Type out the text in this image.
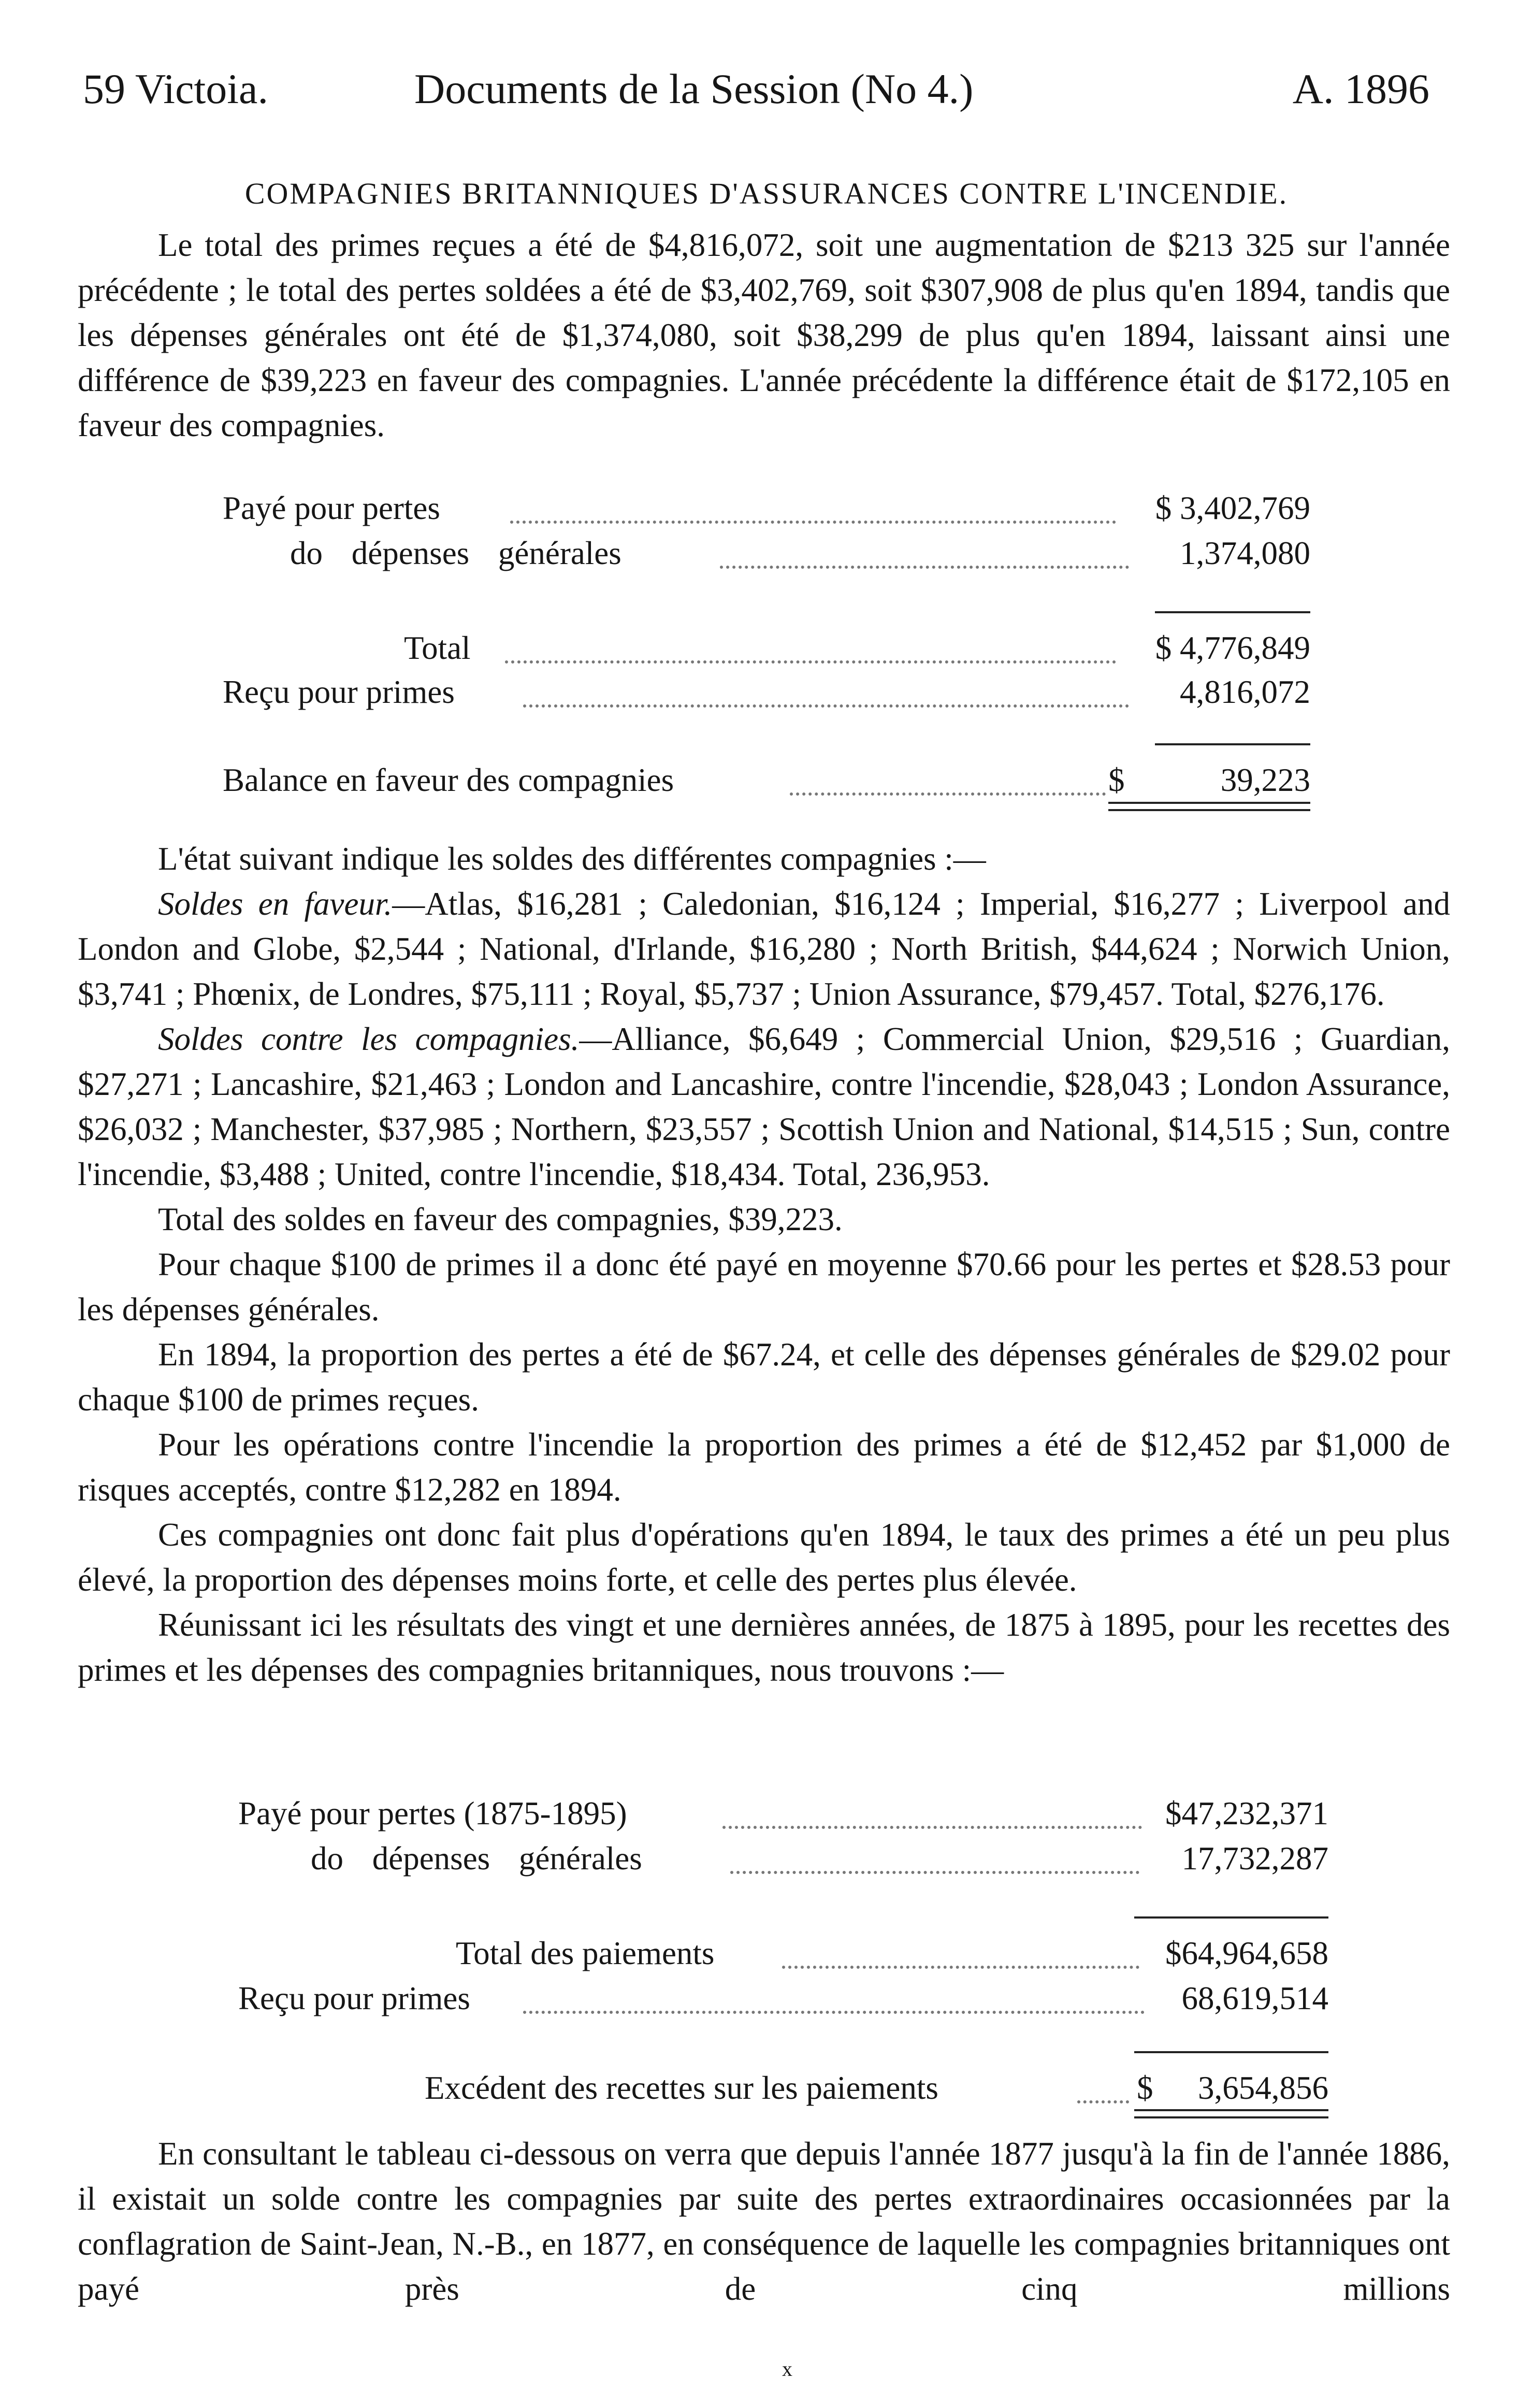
59 Victoia.	Documents de la Session (No 4.)	A. 1896
COMPAGNIES BRITANNIQUES D'ASSURANCES CONTRE L'INCENDIE.

Le total des primes reçues a été de $4,816,072, soit une augmentation de $213 325 sur l'année précédente ; le total des pertes soldées a été de $3,402,769, soit $307,908 de plus qu'en 1894, tandis que les dépenses générales ont été de $1,374,080, soit $38,299 de plus qu'en 1894, laissant ainsi une différence de $39,223 en faveur des compagnies. L'année précédente la différence était de $172,105 en faveur des compagnies.

Payé pour pertes	$ 3,402,769
do dépenses générales	1,374,080
Total	$ 4,776,849
Reçu pour primes	4,816,072
Balance en faveur des compagnies	$	39,223

L'état suivant indique les soldes des différentes compagnies :—

Soldes en faveur.—Atlas, $16,281 ; Caledonian, $16,124 ; Imperial, $16,277 ; Liverpool and London and Globe, $2,544 ; National, d'Irlande, $16,280 ; North British, $44,624 ; Norwich Union, $3,741 ; Phœnix, de Londres, $75,111 ; Royal, $5,737 ; Union Assurance, $79,457. Total, $276,176.

Soldes contre les compagnies.—Alliance, $6,649 ; Commercial Union, $29,516 ; Guardian, $27,271 ; Lancashire, $21,463 ; London and Lancashire, contre l'incendie, $28,043 ; London Assurance, $26,032 ; Manchester, $37,985 ; Northern, $23,557 ; Scottish Union and National, $14,515 ; Sun, contre l'incendie, $3,488 ; United, contre l'incendie, $18,434. Total, 236,953.

Total des soldes en faveur des compagnies, $39,223.

Pour chaque $100 de primes il a donc été payé en moyenne $70.66 pour les pertes et $28.53 pour les dépenses générales.

En 1894, la proportion des pertes a été de $67.24, et celle des dépenses générales de $29.02 pour chaque $100 de primes reçues.

Pour les opérations contre l'incendie la proportion des primes a été de $12,452 par $1,000 de risques acceptés, contre $12,282 en 1894.

Ces compagnies ont donc fait plus d'opérations qu'en 1894, le taux des primes a été un peu plus élevé, la proportion des dépenses moins forte, et celle des pertes plus élevée.

Réunissant ici les résultats des vingt et une dernières années, de 1875 à 1895, pour les recettes des primes et les dépenses des compagnies britanniques, nous trouvons :—

Payé pour pertes (1875-1895)	$47,232,371
do dépenses générales	17,732,287
Total des paiements	$64,964,658
Reçu pour primes	68,619,514
Excédent des recettes sur les paiements	$	3,654,856

En consultant le tableau ci-dessous on verra que depuis l'année 1877 jusqu'à la fin de l'année 1886, il existait un solde contre les compagnies par suite des pertes extraordinaires occasionnées par la conflagration de Saint-Jean, N.-B., en 1877, en conséquence de laquelle les compagnies britanniques ont payé près de cinq millions

x
